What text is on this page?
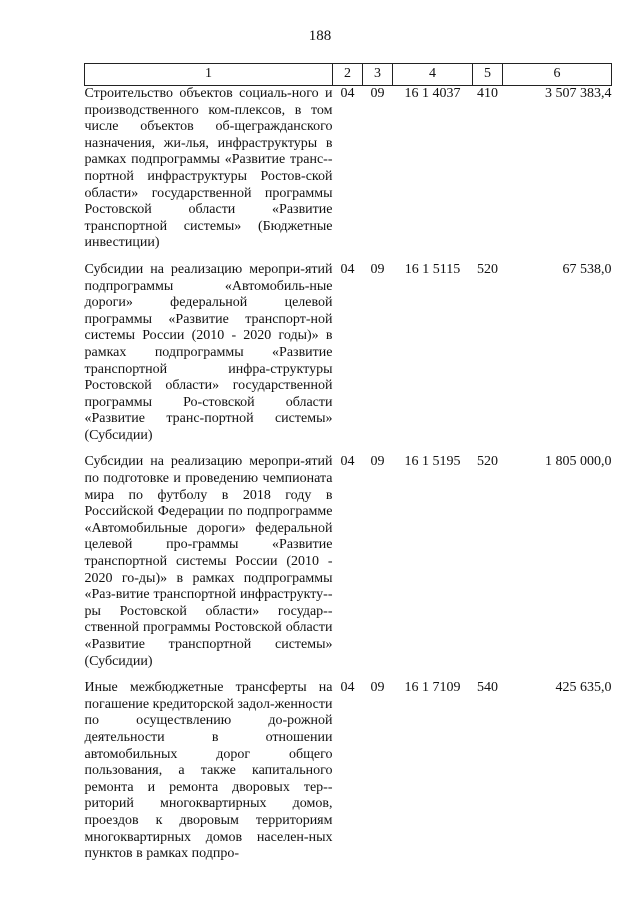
188
1	2	3	4	5	6
Строительство объектов социаль-ного и производственного ком-плексов, в том числе объектов об-щегражданского назначения, жи-лья, инфраструктуры в рамках подпрограммы «Развитие транс-портной инфраструктуры Ростов-ской области» государственной программы Ростовской области «Развитие транспортной системы» (Бюджетные инвестиции)	04	09	16 1 4037	410	3 507 383,4
Субсидии на реализацию меропри-ятий подпрограммы «Автомобиль-ные дороги» федеральной целевой программы «Развитие транспорт-ной системы России (2010 - 2020 годы)» в рамках подпрограммы «Развитие транспортной инфра-структуры Ростовской области» государственной программы Ро-стовской области «Развитие транс-портной системы» (Субсидии)	04	09	16 1 5115	520	67 538,0
Субсидии на реализацию меропри-ятий по подготовке и проведению чемпионата мира по футболу в 2018 году в Российской Федерации по подпрограмме «Автомобильные дороги» федеральной целевой про-граммы «Развитие транспортной системы России (2010 - 2020 го-ды)» в рамках подпрограммы «Раз-витие транспортной инфраструкту-ры Ростовской области» государ-ственной программы Ростовской области «Развитие транспортной системы» (Субсидии)	04	09	16 1 5195	520	1 805 000,0
Иные межбюджетные трансферты на погашение кредиторской задол-женности по осуществлению до-рожной деятельности в отношении автомобильных дорог общего пользования, а также капитального ремонта и ремонта дворовых тер-риторий многоквартирных домов, проездов к дворовым территориям многоквартирных домов населен-ных пунктов в рамках подпро-	04	09	16 1 7109	540	425 635,0
